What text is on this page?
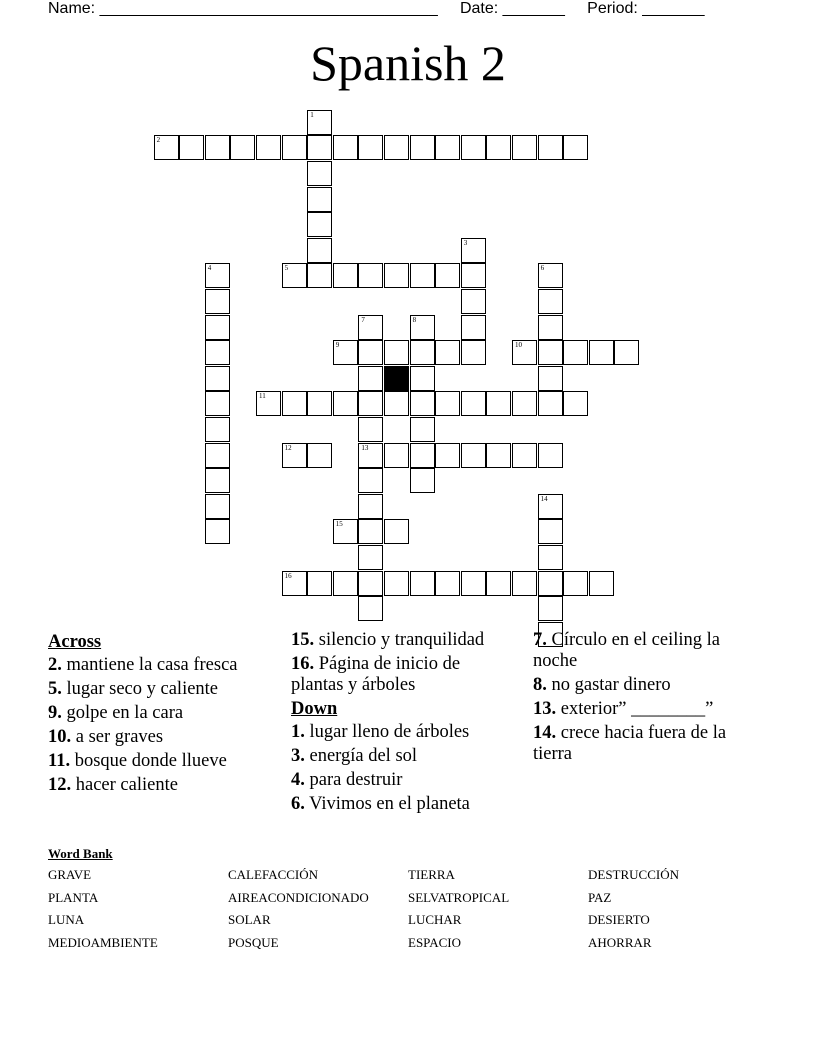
Name: ______________________________________     Date: _______     Period: _______
Spanish 2
1
2
3
4	5	6
7	8
9	10
11
12	13
14
15
16
Across
2. mantiene la casa fresca
5. lugar seco y caliente
9. golpe en la cara
10. a ser graves
11. bosque donde llueve
12. hacer caliente
15. silencio y tranquilidad
16. Página de inicio de plantas y árboles
Down
1. lugar lleno de árboles
3. energía del sol
4. para destruir
6. Vivimos en el planeta
7. Círculo en el ceiling la noche
8. no gastar dinero
13. exterior” ________”
14. crece hacia fuera de la tierra
Word Bank
GRAVE	CALEFACCIÓN	TIERRA	DESTRUCCIÓN
PLANTA	AIREACONDICIONADO	SELVATROPICAL	PAZ
LUNA	SOLAR	LUCHAR	DESIERTO
MEDIOAMBIENTE	POSQUE	ESPACIO	AHORRAR
